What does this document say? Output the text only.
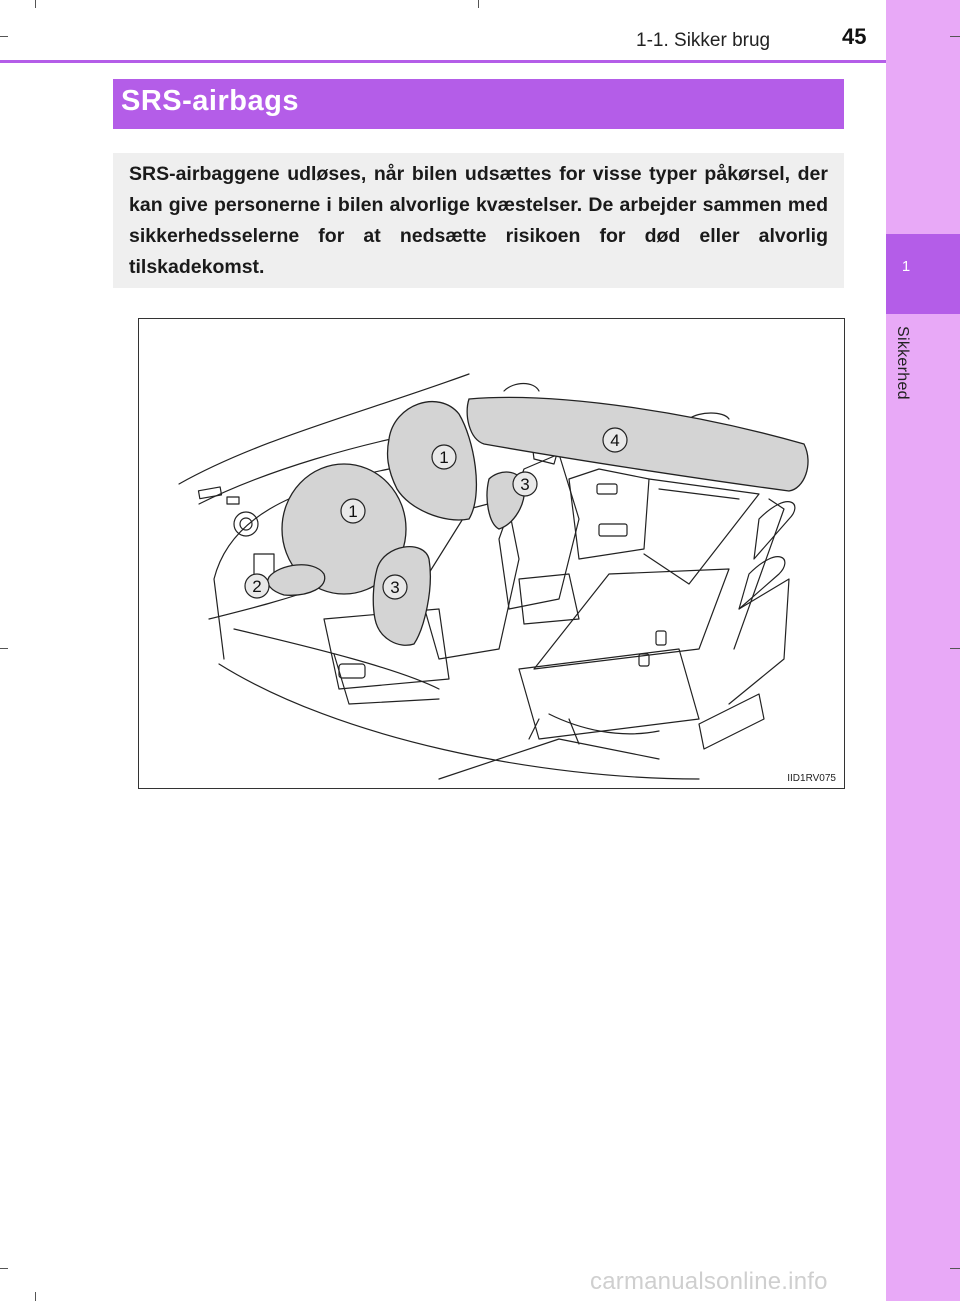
1
Sikkerhed
1-1. Sikker brug	45
SRS-airbags

SRS-airbaggene udløses, når bilen udsættes for visse typer påkørsel, der kan give personerne i bilen alvorlige kvæstelser. De arbejder sammen med sikkerhedsselerne for at nedsætte risikoen for død eller alvorlig tilskadekomst.

1
1
2	3
3
4
IID1RV075
carmanualsonline.info
